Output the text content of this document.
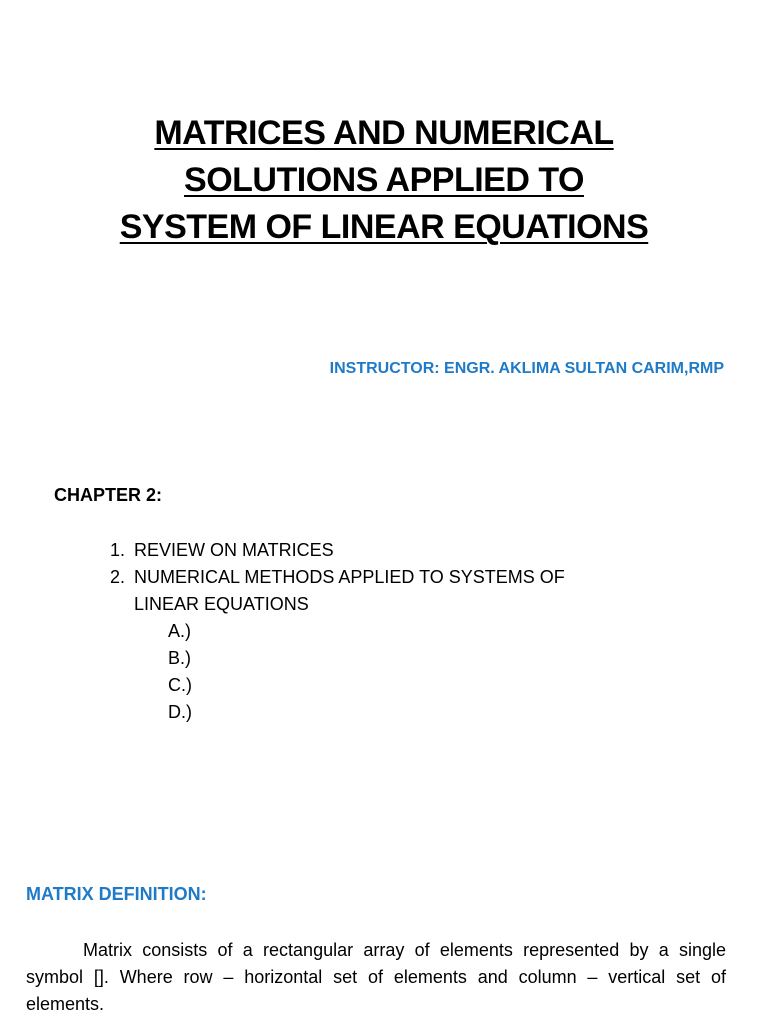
MATRICES AND NUMERICAL
SOLUTIONS APPLIED TO
SYSTEM OF LINEAR EQUATIONS
INSTRUCTOR: ENGR. AKLIMA SULTAN CARIM,RMP
CHAPTER 2:
1. REVIEW ON MATRICES
2. NUMERICAL METHODS APPLIED TO SYSTEMS OF LINEAR EQUATIONS
A.)
B.)
C.)
D.)
MATRIX DEFINITION:
Matrix consists of a rectangular array of elements represented by a single symbol []. Where row – horizontal set of elements and column – vertical set of elements.
